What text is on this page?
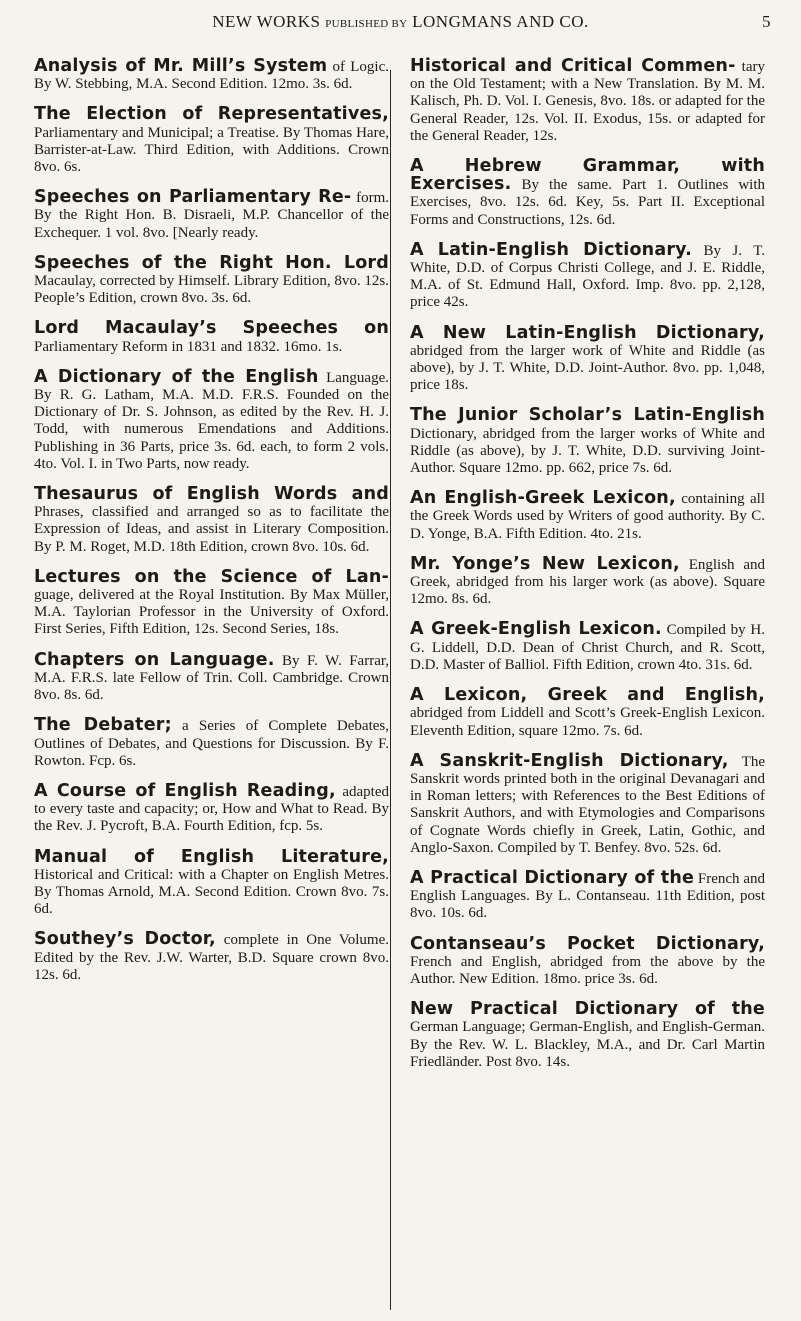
NEW WORKS PUBLISHED BY LONGMANS AND CO.	5

Analysis of Mr. Mill’s System of Logic. By W. Stebbing, M.A. Second Edition. 12mo. 3s. 6d.

The Election of Representatives, Parliamentary and Municipal; a Treatise. By Thomas Hare, Barrister-at-Law. Third Edition, with Additions. Crown 8vo. 6s.

Speeches on Parliamentary Re- form. By the Right Hon. B. Disraeli, M.P. Chancellor of the Exchequer. 1 vol. 8vo. [Nearly ready.

Speeches of the Right Hon. Lord Macaulay, corrected by Himself. Library Edition, 8vo. 12s. People’s Edition, crown 8vo. 3s. 6d.

Lord Macaulay’s Speeches on Parliamentary Reform in 1831 and 1832. 16mo. 1s.

A Dictionary of the English Language. By R. G. Latham, M.A. M.D. F.R.S. Founded on the Dictionary of Dr. S. Johnson, as edited by the Rev. H. J. Todd, with numerous Emendations and Additions. Publishing in 36 Parts, price 3s. 6d. each, to form 2 vols. 4to. Vol. I. in Two Parts, now ready.

Thesaurus of English Words and Phrases, classified and arranged so as to facilitate the Expression of Ideas, and assist in Literary Composition. By P. M. Roget, M.D. 18th Edition, crown 8vo. 10s. 6d.

Lectures on the Science of Lan- guage, delivered at the Royal Institution. By Max Müller, M.A. Taylorian Professor in the University of Oxford. First Series, Fifth Edition, 12s. Second Series, 18s.

Chapters on Language. By F. W. Farrar, M.A. F.R.S. late Fellow of Trin. Coll. Cambridge. Crown 8vo. 8s. 6d.

The Debater; a Series of Complete Debates, Outlines of Debates, and Questions for Discussion. By F. Rowton. Fcp. 6s.

A Course of English Reading, adapted to every taste and capacity; or, How and What to Read. By the Rev. J. Pycroft, B.A. Fourth Edition, fcp. 5s.

Manual of English Literature, Historical and Critical: with a Chapter on English Metres. By Thomas Arnold, M.A. Second Edition. Crown 8vo. 7s. 6d.

Southey’s Doctor, complete in One Volume. Edited by the Rev. J.W. Warter, B.D. Square crown 8vo. 12s. 6d.

Historical and Critical Commen- tary on the Old Testament; with a New Translation. By M. M. Kalisch, Ph. D. Vol. I. Genesis, 8vo. 18s. or adapted for the General Reader, 12s. Vol. II. Exodus, 15s. or adapted for the General Reader, 12s.

A Hebrew Grammar, with Exercises. By the same. Part 1. Outlines with Exercises, 8vo. 12s. 6d. Key, 5s. Part II. Exceptional Forms and Constructions, 12s. 6d.

A Latin-English Dictionary. By J. T. White, D.D. of Corpus Christi College, and J. E. Riddle, M.A. of St. Edmund Hall, Oxford. Imp. 8vo. pp. 2,128, price 42s.

A New Latin-English Dictionary, abridged from the larger work of White and Riddle (as above), by J. T. White, D.D. Joint-Author. 8vo. pp. 1,048, price 18s.

The Junior Scholar’s Latin-English Dictionary, abridged from the larger works of White and Riddle (as above), by J. T. White, D.D. surviving Joint-Author. Square 12mo. pp. 662, price 7s. 6d.

An English-Greek Lexicon, containing all the Greek Words used by Writers of good authority. By C. D. Yonge, B.A. Fifth Edition. 4to. 21s.

Mr. Yonge’s New Lexicon, English and Greek, abridged from his larger work (as above). Square 12mo. 8s. 6d.

A Greek-English Lexicon. Compiled by H. G. Liddell, D.D. Dean of Christ Church, and R. Scott, D.D. Master of Balliol. Fifth Edition, crown 4to. 31s. 6d.

A Lexicon, Greek and English, abridged from Liddell and Scott’s Greek-English Lexicon. Eleventh Edition, square 12mo. 7s. 6d.

A Sanskrit-English Dictionary, The Sanskrit words printed both in the original Devanagari and in Roman letters; with References to the Best Editions of Sanskrit Authors, and with Etymologies and Comparisons of Cognate Words chiefly in Greek, Latin, Gothic, and Anglo-Saxon. Compiled by T. Benfey. 8vo. 52s. 6d.

A Practical Dictionary of the French and English Languages. By L. Contanseau. 11th Edition, post 8vo. 10s. 6d.

Contanseau’s Pocket Dictionary, French and English, abridged from the above by the Author. New Edition. 18mo. price 3s. 6d.

New Practical Dictionary of the German Language; German-English, and English-German. By the Rev. W. L. Blackley, M.A., and Dr. Carl Martin Friedländer. Post 8vo. 14s.
